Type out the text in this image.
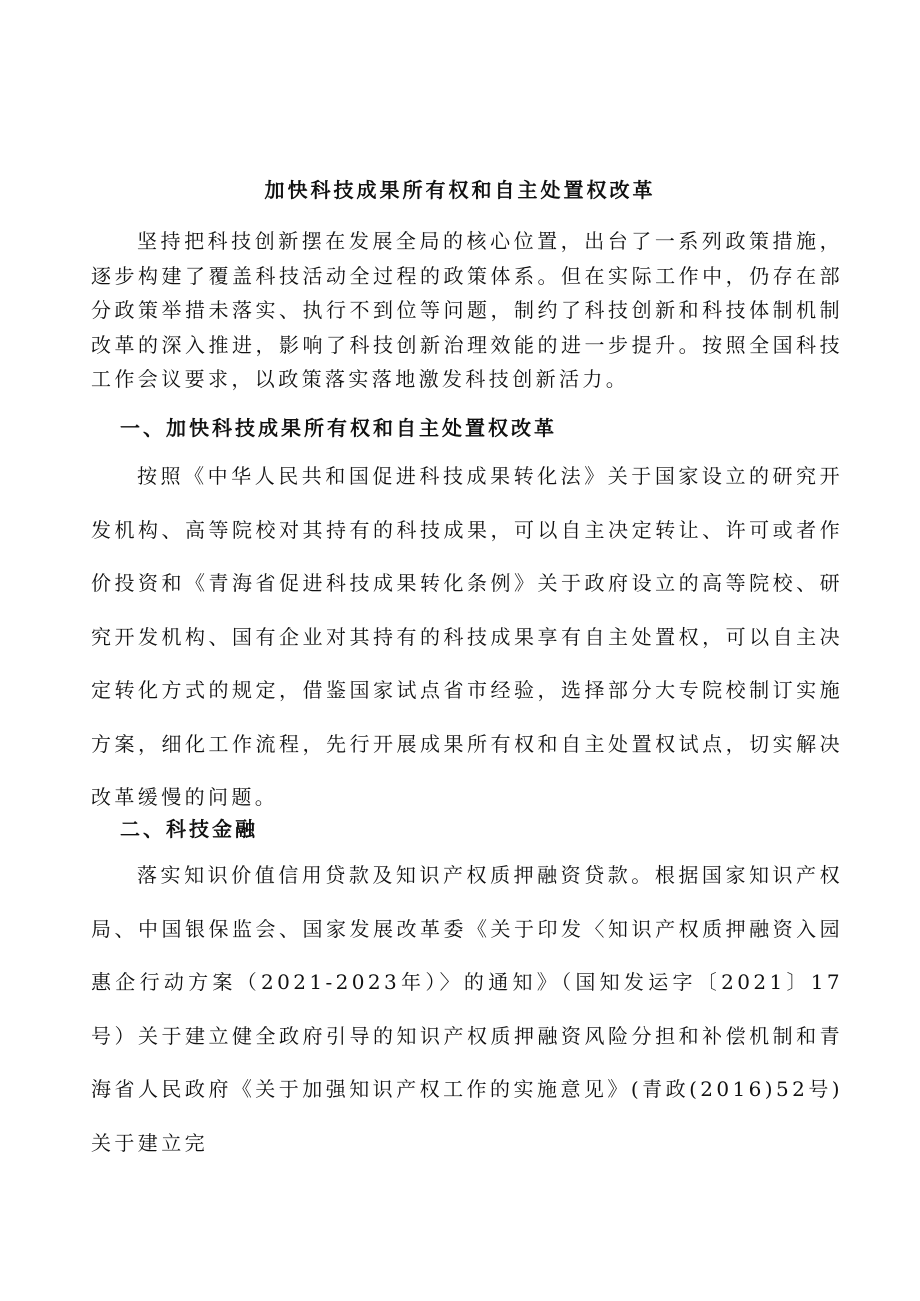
加快科技成果所有权和自主处置权改革

坚持把科技创新摆在发展全局的核心位置，出台了一系列政策措施，逐步构建了覆盖科技活动全过程的政策体系。但在实际工作中，仍存在部分政策举措未落实、执行不到位等问题，制约了科技创新和科技体制机制改革的深入推进，影响了科技创新治理效能的进一步提升。按照全国科技工作会议要求，以政策落实落地激发科技创新活力。

一、加快科技成果所有权和自主处置权改革

按照《中华人民共和国促进科技成果转化法》关于国家设立的研究开发机构、高等院校对其持有的科技成果，可以自主决定转让、许可或者作价投资和《青海省促进科技成果转化条例》关于政府设立的高等院校、研究开发机构、国有企业对其持有的科技成果享有自主处置权，可以自主决定转化方式的规定，借鉴国家试点省市经验，选择部分大专院校制订实施方案，细化工作流程，先行开展成果所有权和自主处置权试点，切实解决改革缓慢的问题。

二、科技金融

落实知识价值信用贷款及知识产权质押融资贷款。根据国家知识产权局、中国银保监会、国家发展改革委《关于印发〈知识产权质押融资入园惠企行动方案（2021-2023年）〉的通知》（国知发运字〔2021〕17号）关于建立健全政府引导的知识产权质押融资风险分担和补偿机制和青海省人民政府《关于加强知识产权工作的实施意见》(青政(2016)52号)关于建立完
